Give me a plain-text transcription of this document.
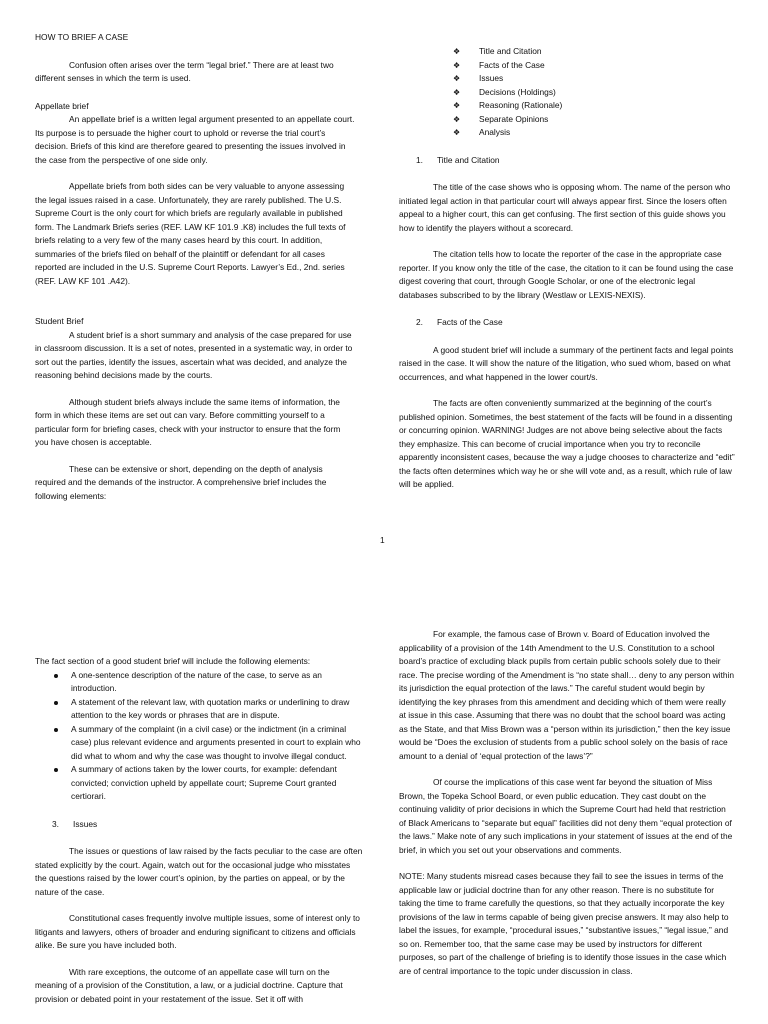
HOW TO BRIEF A CASE

Confusion often arises over the term “legal brief.” There are at least two different senses in which the term is used.

Appellate brief

An appellate brief is a written legal argument presented to an appellate court. Its purpose is to persuade the higher court to uphold or reverse the trial court’s decision. Briefs of this kind are therefore geared to presenting the issues involved in the case from the perspective of one side only.

Appellate briefs from both sides can be very valuable to anyone assessing the legal issues raised in a case. Unfortunately, they are rarely published. The U.S. Supreme Court is the only court for which briefs are regularly available in published form. The Landmark Briefs series (REF. LAW KF 101.9 .K8) includes the full texts of briefs relating to a very few of the many cases heard by this court. In addition, summaries of the briefs filed on behalf of the plaintiff or defendant for all cases reported are included in the U.S. Supreme Court Reports. Lawyer’s Ed., 2nd. series (REF. LAW KF 101 .A42).

Student Brief

A student brief is a short summary and analysis of the case prepared for use in classroom discussion. It is a set of notes, presented in a systematic way, in order to sort out the parties, identify the issues, ascertain what was decided, and analyze the reasoning behind decisions made by the courts.

Although student briefs always include the same items of information, the form in which these items are set out can vary. Before committing yourself to a particular form for briefing cases, check with your instructor to ensure that the form you have chosen is acceptable.

These can be extensive or short, depending on the depth of analysis required and the demands of the instructor. A comprehensive brief includes the following elements:

❖ Title and Citation
❖ Facts of the Case
❖ Issues
❖ Decisions (Holdings)
❖ Reasoning (Rationale)
❖ Separate Opinions
❖ Analysis

1. Title and Citation

The title of the case shows who is opposing whom. The name of the person who initiated legal action in that particular court will always appear first. Since the losers often appeal to a higher court, this can get confusing. The first section of this guide shows you how to identify the players without a scorecard.

The citation tells how to locate the reporter of the case in the appropriate case reporter. If you know only the title of the case, the citation to it can be found using the case digest covering that court, through Google Scholar, or one of the electronic legal databases subscribed to by the library (Westlaw or LEXIS-NEXIS).

2. Facts of the Case

A good student brief will include a summary of the pertinent facts and legal points raised in the case. It will show the nature of the litigation, who sued whom, based on what occurrences, and what happened in the lower court/s.

The facts are often conveniently summarized at the beginning of the court’s published opinion. Sometimes, the best statement of the facts will be found in a dissenting or concurring opinion. WARNING! Judges are not above being selective about the facts they emphasize. This can become of crucial importance when you try to reconcile apparently inconsistent cases, because the way a judge chooses to characterize and “edit” the facts often determines which way he or she will vote and, as a result, which rule of law will be applied.

1

The fact section of a good student brief will include the following elements:

A one-sentence description of the nature of the case, to serve as an introduction.
A statement of the relevant law, with quotation marks or underlining to draw attention to the key words or phrases that are in dispute.
A summary of the complaint (in a civil case) or the indictment (in a criminal case) plus relevant evidence and arguments presented in court to explain who did what to whom and why the case was thought to involve illegal conduct.
A summary of actions taken by the lower courts, for example: defendant convicted; conviction upheld by appellate court; Supreme Court granted certiorari.

3. Issues

The issues or questions of law raised by the facts peculiar to the case are often stated explicitly by the court. Again, watch out for the occasional judge who misstates the questions raised by the lower court’s opinion, by the parties on appeal, or by the nature of the case.

Constitutional cases frequently involve multiple issues, some of interest only to litigants and lawyers, others of broader and enduring significant to citizens and officials alike. Be sure you have included both.

With rare exceptions, the outcome of an appellate case will turn on the meaning of a provision of the Constitution, a law, or a judicial doctrine. Capture that provision or debated point in your restatement of the issue. Set it off with

For example, the famous case of Brown v. Board of Education involved the applicability of a provision of the 14th Amendment to the U.S. Constitution to a school board’s practice of excluding black pupils from certain public schools solely due to their race. The precise wording of the Amendment is “no state shall… deny to any person within its jurisdiction the equal protection of the laws.” The careful student would begin by identifying the key phrases from this amendment and deciding which of them were really at issue in this case. Assuming that there was no doubt that the school board was acting as the State, and that Miss Brown was a “person within its jurisdiction,” then the key issue would be “Does the exclusion of students from a public school solely on the basis of race amount to a denial of ‘equal protection of the laws’?”

Of course the implications of this case went far beyond the situation of Miss Brown, the Topeka School Board, or even public education. They cast doubt on the continuing validity of prior decisions in which the Supreme Court had held that restriction of Black Americans to “separate but equal” facilities did not deny them “equal protection of the laws.” Make note of any such implications in your statement of issues at the end of the brief, in which you set out your observations and comments.

NOTE: Many students misread cases because they fail to see the issues in terms of the applicable law or judicial doctrine than for any other reason. There is no substitute for taking the time to frame carefully the questions, so that they actually incorporate the key provisions of the law in terms capable of being given precise answers. It may also help to label the issues, for example, “procedural issues,” “substantive issues,” “legal issue,” and so on. Remember too, that the same case may be used by instructors for different purposes, so part of the challenge of briefing is to identify those issues in the case which are of central importance to the topic under discussion in class.
